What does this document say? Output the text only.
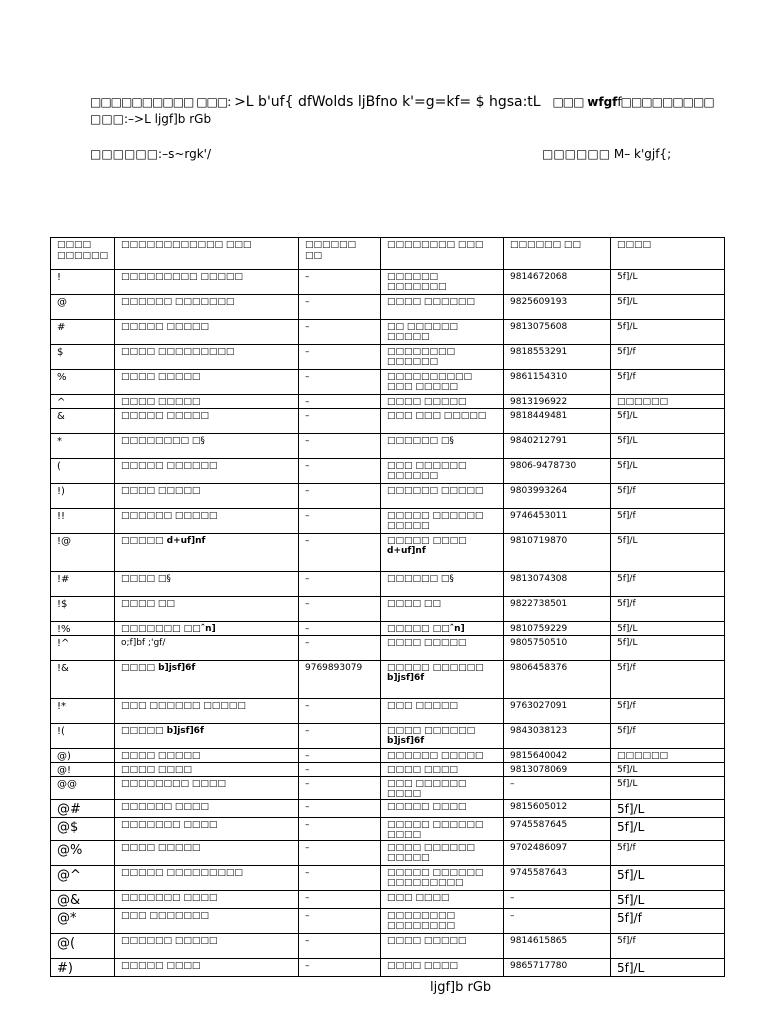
□□□□□□□□□□ □□□: >L b'uf{ dfWolds ljBfno k'=g=kf= $ hgsa:tL □□□ wfgff□□□□□□□□□
□□□:–>L ljgf]b rGb
□□□□□□:–s~rgk'/	□□□□□□ M– k'gjf{;
□□□□ □□□□□□	□□□□□□□□□□□□ □□□	□□□□□□ □□	□□□□□□□□ □□□	□□□□□□ □□	□□□□
!	□□□□□□□□□ □□□□□	–	□□□□□□ □□□□□□□	9814672068	5f]/L
@	□□□□□□ □□□□□□□	–	□□□□ □□□□□□	9825609193	5f]/L
#	□□□□□ □□□□□	–	□□ □□□□□□ □□□□□	9813075608	5f]/L
$	□□□□ □□□□□□□□□	–	□□□□□□□□ □□□□□□	9818553291	5f]/f
%	□□□□ □□□□□	–	□□□□□□□□□□ □□□ □□□□□	9861154310	5f]/f
^	□□□□ □□□□□	–	□□□□ □□□□□	9813196922	□□□□□□
&	□□□□□ □□□□□	–	□□□ □□□ □□□□□	9818449481	5f]/L
*	□□□□□□□□ □§	–	□□□□□□ □§	9840212791	5f]/L
(	□□□□□ □□□□□□	–	□□□ □□□□□□ □□□□□□	9806-9478730	5f]/L
!)	□□□□ □□□□□	–	□□□□□□ □□□□□	9803993264	5f]/f
!!	□□□□□□ □□□□□	–	□□□□□ □□□□□□ □□□□□	9746453011	5f]/f
!@	□□□□□ d+uf]nf	–	□□□□□ □□□□ d+uf]nf	9810719870	5f]/L
!#	□□□□ □§	–	□□□□□□ □§	9813074308	5f]/f
!$	□□□□ □□	–	□□□□ □□	9822738501	5f]/f
!%	□□□□□□□ □□ˆn]	–	□□□□□ □□ˆn]	9810759229	5f]/L
!^	o;f]bf ;'gf/	–	□□□□ □□□□□	9805750510	5f]/L
!&	□□□□ b]jsf]6f	9769893079	□□□□□ □□□□□□ b]jsf]6f	9806458376	5f]/f
!*	□□□ □□□□□□ □□□□□	–	□□□ □□□□□	9763027091	5f]/f
!(	□□□□□ b]jsf]6f	–	□□□□ □□□□□□ b]jsf]6f	9843038123	5f]/f
@)	□□□□ □□□□□	–	□□□□□□ □□□□□	9815640042	□□□□□□
@!	□□□□ □□□□	–	□□□□ □□□□	9813078069	5f]/L
@@	□□□□□□□□ □□□□	–	□□□ □□□□□□ □□□□	–	5f]/L
@#	□□□□□□ □□□□	–	□□□□□ □□□□	9815605012	5f]/L
@$	□□□□□□□ □□□□	–	□□□□□ □□□□□□ □□□□	9745587645	5f]/L
@%	□□□□ □□□□□	–	□□□□ □□□□□□ □□□□□	9702486097	5f]/f
@^	□□□□□ □□□□□□□□□	–	□□□□□ □□□□□□ □□□□□□□□□	9745587643	5f]/L
@&	□□□□□□□ □□□□	–	□□□ □□□□	–	5f]/L
@*	□□□ □□□□□□□	–	□□□□□□□□ □□□□□□□□	–	5f]/f
@(	□□□□□□ □□□□□	–	□□□□ □□□□□	9814615865	5f]/f
#)	□□□□□ □□□□	–	□□□□ □□□□	9865717780	5f]/L
ljgf]b rGb
